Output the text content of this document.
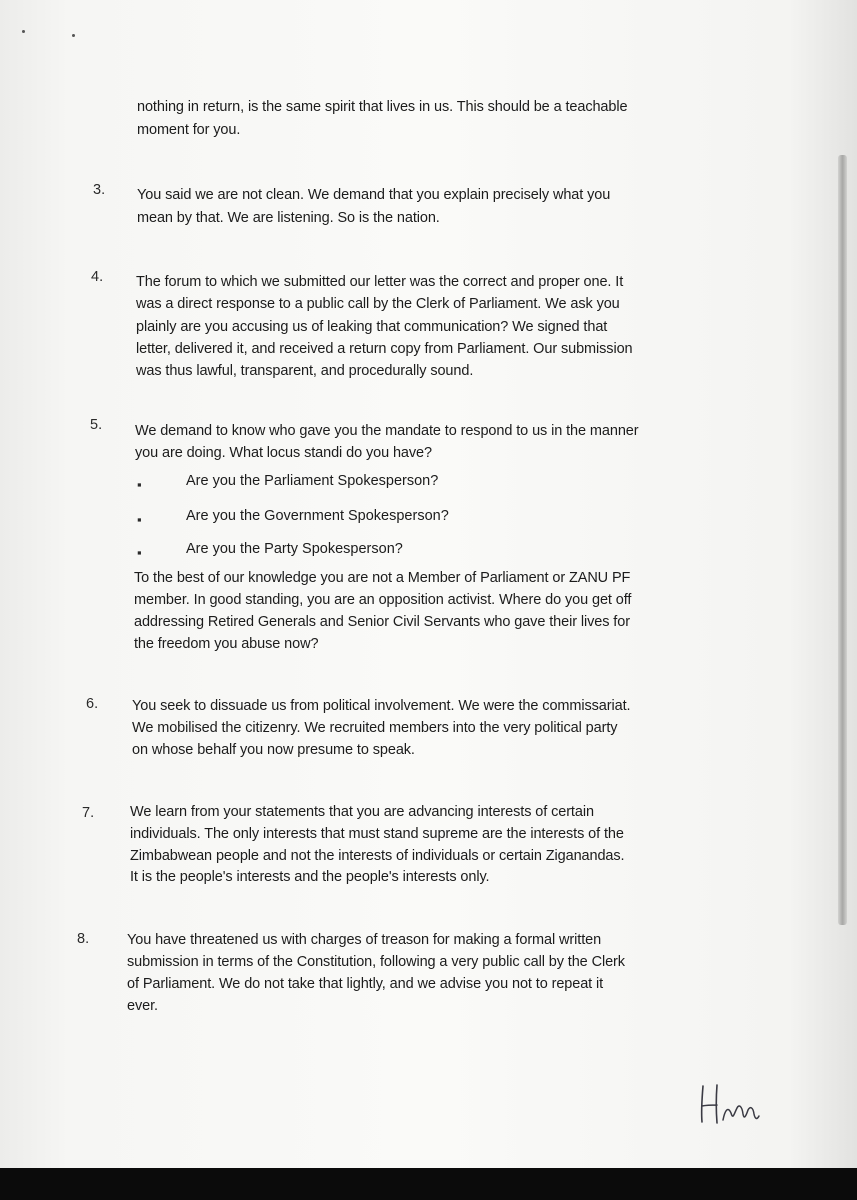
nothing in return, is the same spirit that lives in us. This should be a teachable

moment for you.

3. You said we are not clean. We demand that you explain precisely what you

mean by that. We are listening. So is the nation.

4. The forum to which we submitted our letter was the correct and proper one. It

was a direct response to a public call by the Clerk of Parliament. We ask you

plainly are you accusing us of leaking that communication? We signed that

letter, delivered it, and received a return copy from Parliament. Our submission

was thus lawful, transparent, and procedurally sound.

5. We demand to know who gave you the mandate to respond to us in the manner

you are doing. What locus standi do you have?

▪	Are you the Parliament Spokesperson?

▪	Are you the Government Spokesperson?

▪	Are you the Party Spokesperson?

To the best of our knowledge you are not a Member of Parliament or ZANU PF

member. In good standing, you are an opposition activist. Where do you get off

addressing Retired Generals and Senior Civil Servants who gave their lives for

the freedom you abuse now?

6. You seek to dissuade us from political involvement. We were the commissariat.

We mobilised the citizenry. We recruited members into the very political party

on whose behalf you now presume to speak.

7. We learn from your statements that you are advancing interests of certain

individuals. The only interests that must stand supreme are the interests of the

Zimbabwean people and not the interests of individuals or certain Ziganandas.

It is the people's interests and the people's interests only.

8.	You have threatened us with charges of treason for making a formal written

submission in terms of the Constitution, following a very public call by the Clerk

of Parliament. We do not take that lightly, and we advise you not to repeat it

ever.
